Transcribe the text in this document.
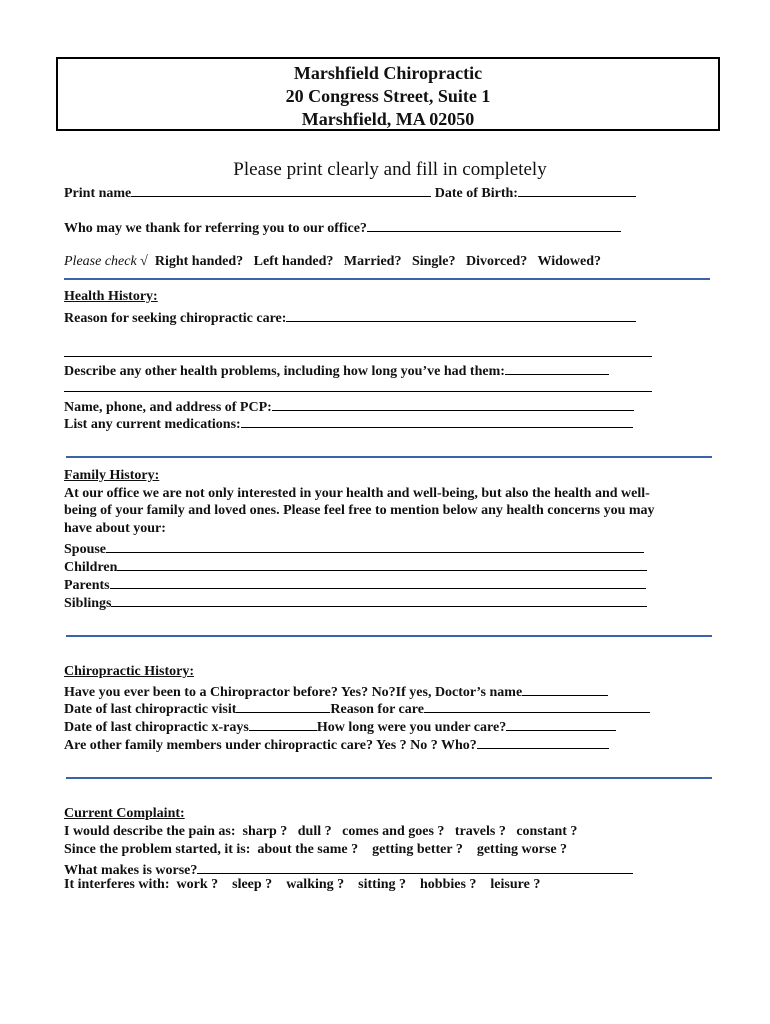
Marshfield Chiropractic
20 Congress Street, Suite 1
Marshfield, MA 02050
Please print clearly and fill in completely
Print name	Date of Birth:
Who may we thank for referring you to our office?
Please check √ Right handed? Left handed? Married? Single? Divorced? Widowed?
Health History:
Reason for seeking chiropractic care:
Describe any other health problems, including how long you’ve had them:
Name, phone, and address of PCP:
List any current medications:
Family History:
At our office we are not only interested in your health and well-being, but also the health and well-
being of your family and loved ones. Please feel free to mention below any health concerns you may
have about your:
Spouse
Children
Parents
Siblings
Chiropractic History:
Have you ever been to a Chiropractor before? Yes? No?If yes, Doctor’s name
Date of last chiropractic visit	Reason for care
Date of last chiropractic x-rays	How long were you under care?
Are other family members under chiropractic care? Yes ? No ? Who?
Current Complaint:
I would describe the pain as: sharp ? dull ? comes and goes ? travels ? constant ?
Since the problem started, it is: about the same ? getting better ? getting worse ?
What makes is worse?
It interferes with: work ? sleep ? walking ? sitting ? hobbies ? leisure ?
